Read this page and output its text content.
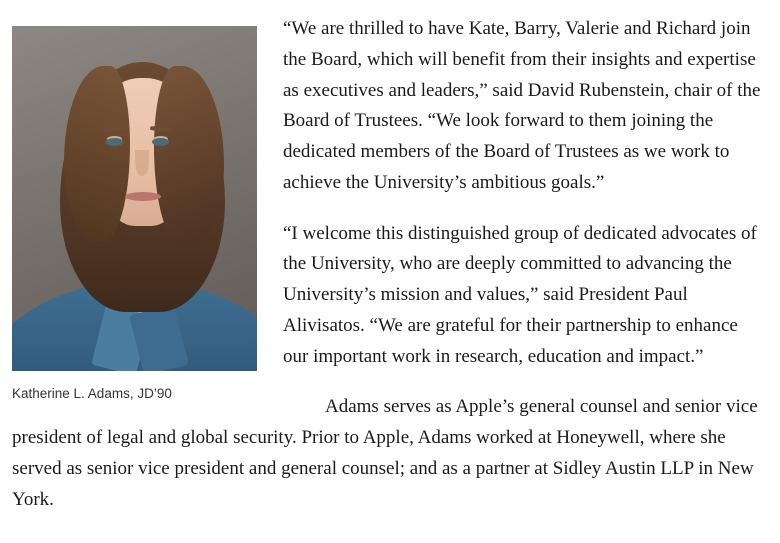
Katherine L. Adams, JD’90

“We are thrilled to have Kate, Barry, Valerie and Richard join the Board, which will benefit from their insights and expertise as executives and leaders,” said David Rubenstein, chair of the Board of Trustees. “We look forward to them joining the dedicated members of the Board of Trustees as we work to achieve the University’s ambitious goals.”

“I welcome this distinguished group of dedicated advocates of the University, who are deeply committed to advancing the University’s mission and values,” said President Paul Alivisatos. “We are grateful for their partnership to enhance our important work in research, education and impact.”

Adams serves as Apple’s general counsel and senior vice president of legal and global security. Prior to Apple, Adams worked at Honeywell, where she served as senior vice president and general counsel; and as a partner at Sidley Austin LLP in New York.
